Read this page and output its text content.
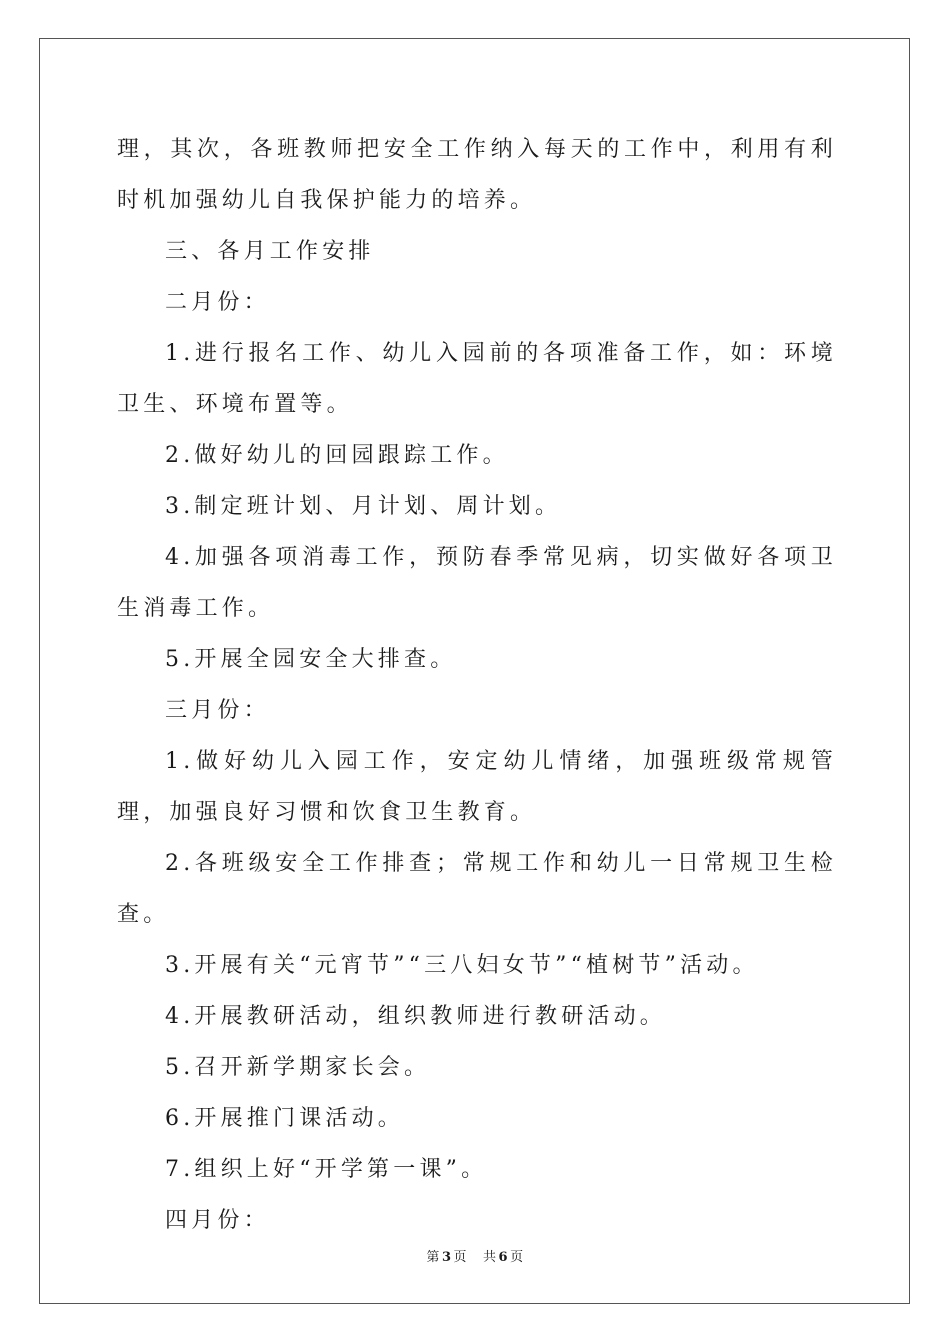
理，其次，各班教师把安全工作纳入每天的工作中，利用有利时机加强幼儿自我保护能力的培养。

三、各月工作安排

二月份：

1.进行报名工作、幼儿入园前的各项准备工作，如：环境卫生、环境布置等。

2.做好幼儿的回园跟踪工作。

3.制定班计划、月计划、周计划。

4.加强各项消毒工作，预防春季常见病，切实做好各项卫生消毒工作。

5.开展全园安全大排查。

三月份：

1.做好幼儿入园工作，安定幼儿情绪，加强班级常规管理，加强良好习惯和饮食卫生教育。

2.各班级安全工作排查；常规工作和幼儿一日常规卫生检查。

3.开展有关“元宵节”“三八妇女节”“植树节”活动。

4.开展教研活动，组织教师进行教研活动。

5.召开新学期家长会。

6.开展推门课活动。

7.组织上好“开学第一课”。

四月份：

第 3 页 共 6 页
